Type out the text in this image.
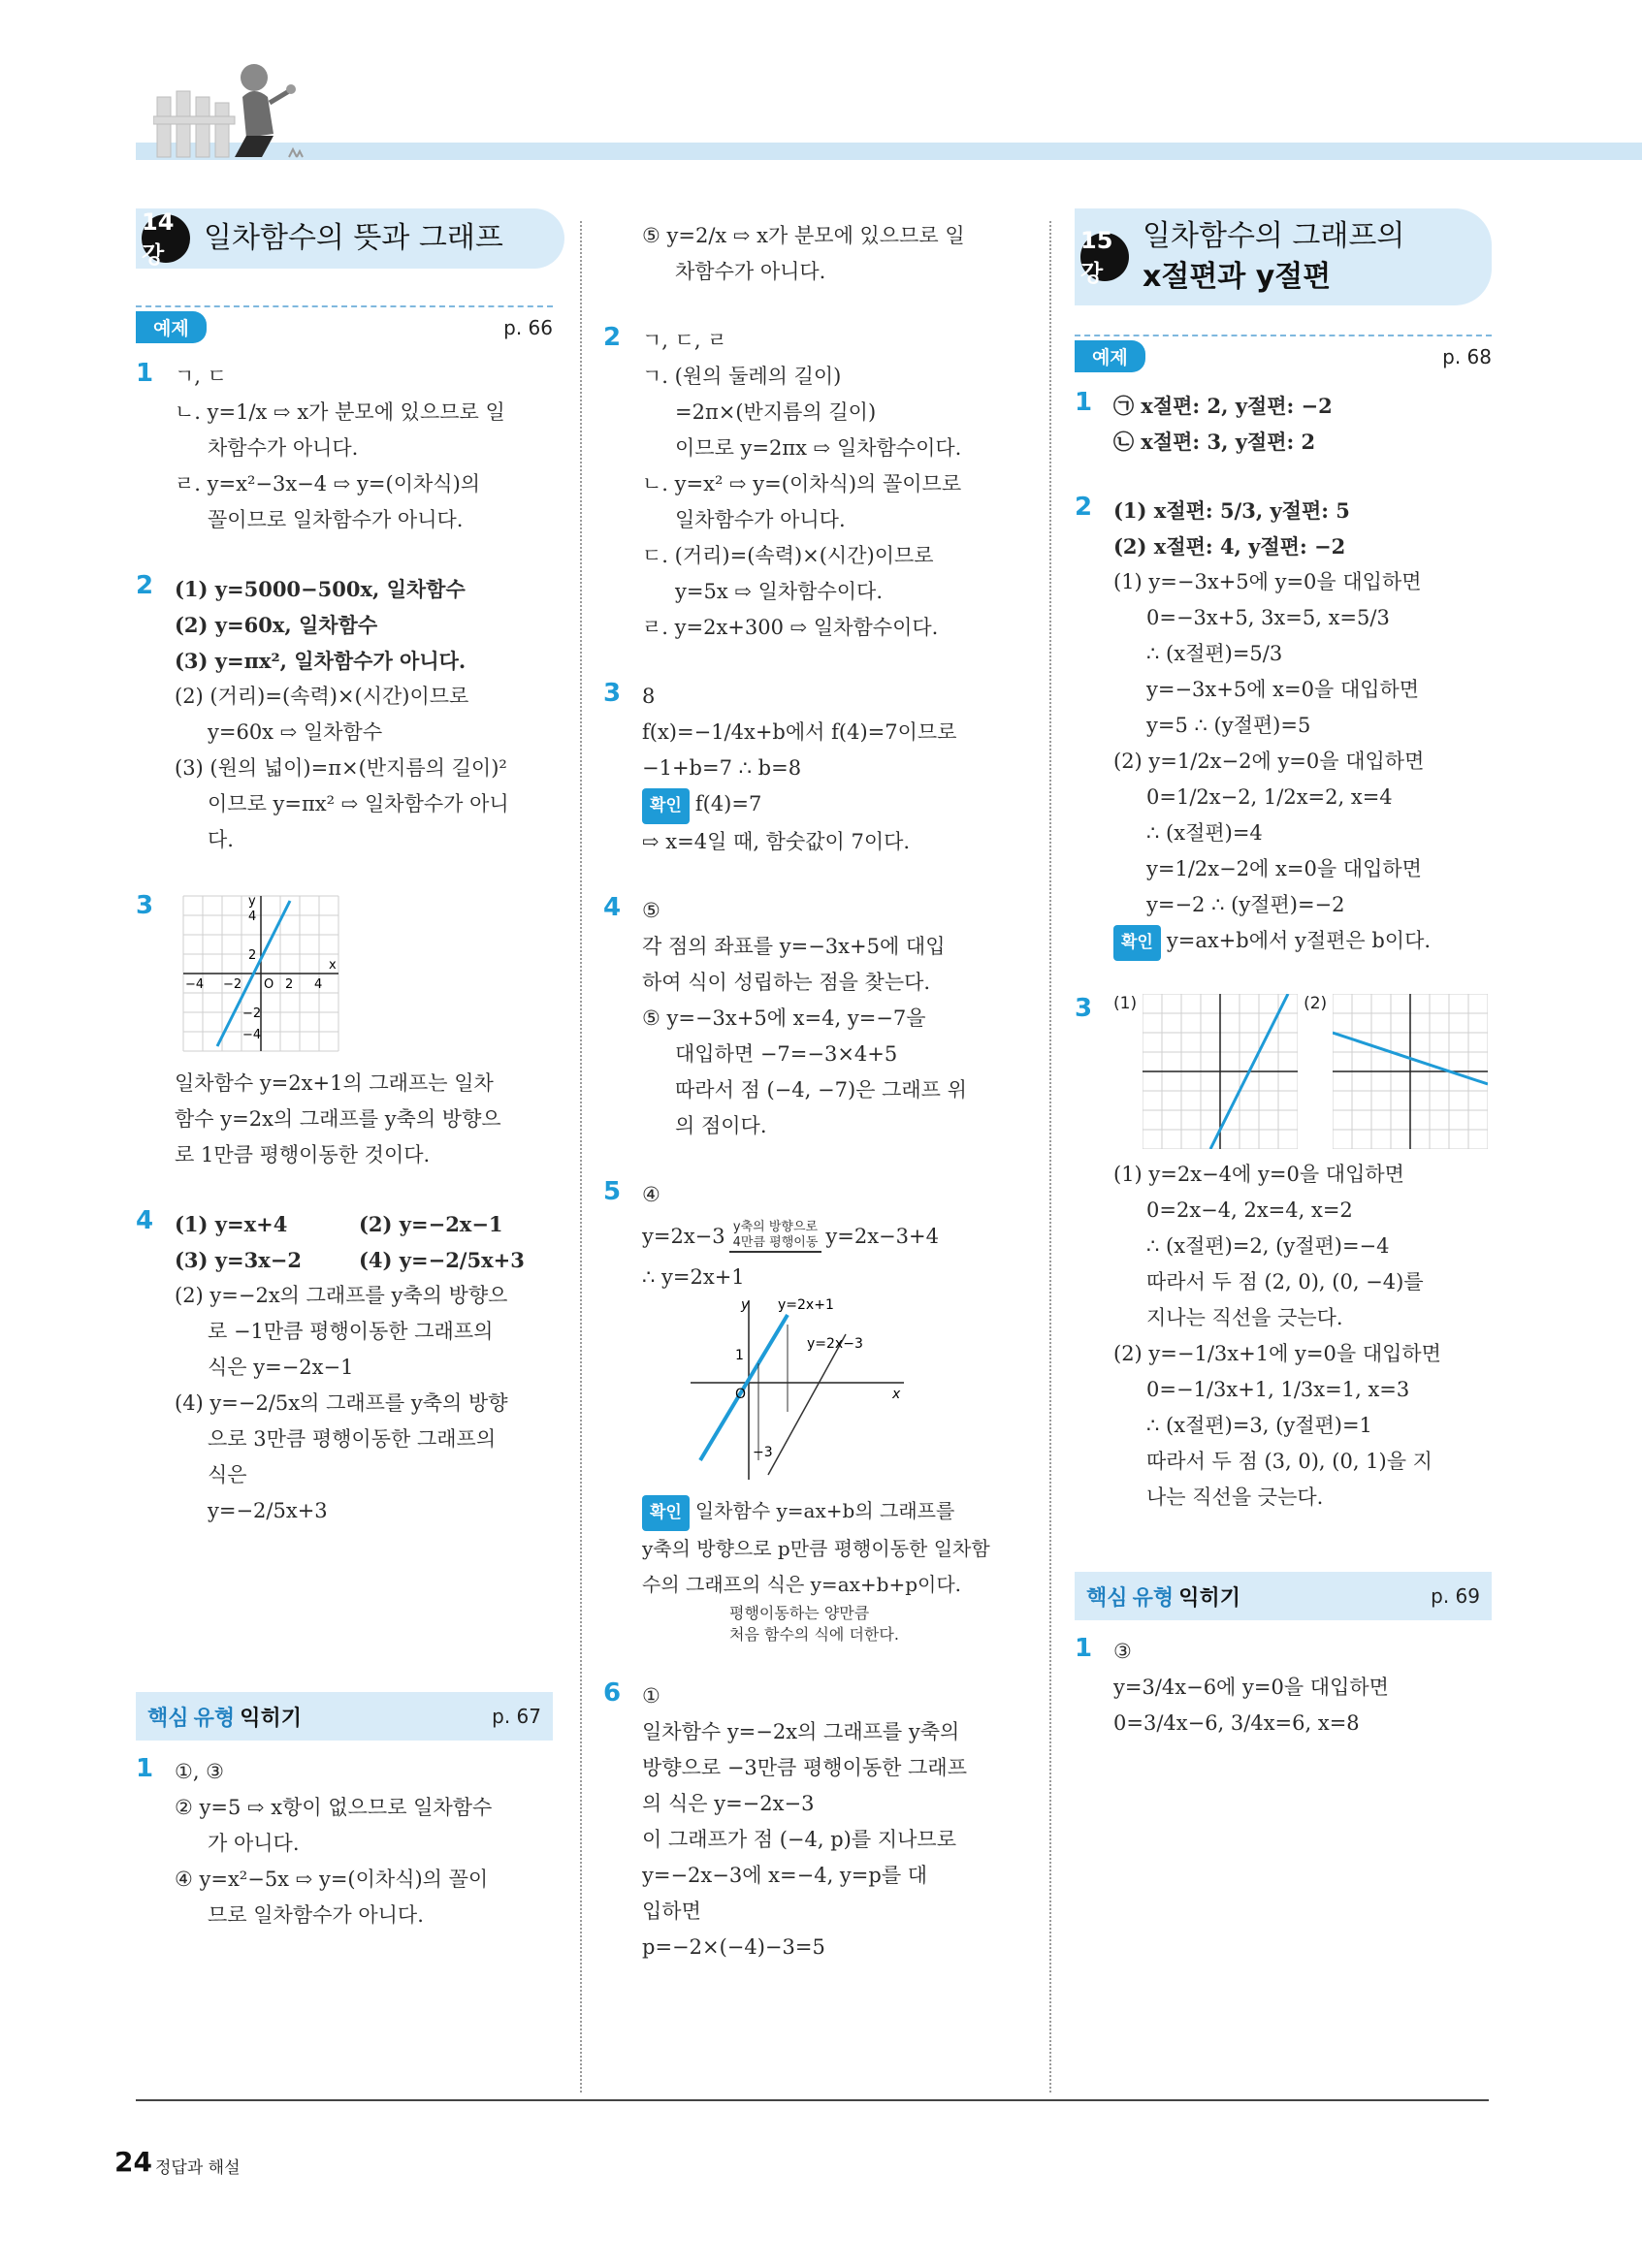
14강	일차함수의 뜻과 그래프
예제	p. 66
1	ㄱ, ㄷ
ㄴ. y=1/x ⇨ x가 분모에 있으므로 일
차함수가 아니다.
ㄹ. y=x²−3x−4 ⇨ y=(이차식)의
꼴이므로 일차함수가 아니다.
2	(1) y=5000−500x, 일차함수
(2) y=60x, 일차함수
(3) y=πx², 일차함수가 아니다.
(2) (거리)=(속력)×(시간)이므로
y=60x ⇨ 일차함수
(3) (원의 넓이)=π×(반지름의 길이)²
이므로 y=πx² ⇨ 일차함수가 아니
다.
3
−4 −2 O 2 4
x
y
4
2
−2
−4
일차함수 y=2x+1의 그래프는 일차
함수 y=2x의 그래프를 y축의 방향으
로 1만큼 평행이동한 것이다.
4	(1) y=x+4	(2) y=−2x−1
(3) y=3x−2	(4) y=−2/5x+3
(2) y=−2x의 그래프를 y축의 방향으
로 −1만큼 평행이동한 그래프의
식은 y=−2x−1
(4) y=−2/5x의 그래프를 y축의 방향
으로 3만큼 평행이동한 그래프의
식은
y=−2/5x+3
핵심 유형 익히기	p. 67
1	①, ③
② y=5 ⇨ x항이 없으므로 일차함수
가 아니다.
④ y=x²−5x ⇨ y=(이차식)의 꼴이
므로 일차함수가 아니다.
⑤ y=2/x ⇨ x가 분모에 있으므로 일
차함수가 아니다.
2	ㄱ, ㄷ, ㄹ
ㄱ. (원의 둘레의 길이)
=2π×(반지름의 길이)
이므로 y=2πx ⇨ 일차함수이다.
ㄴ. y=x² ⇨ y=(이차식)의 꼴이므로
일차함수가 아니다.
ㄷ. (거리)=(속력)×(시간)이므로
y=5x ⇨ 일차함수이다.
ㄹ. y=2x+300 ⇨ 일차함수이다.
3	8
f(x)=−1/4x+b에서 f(4)=7이므로
−1+b=7 ∴ b=8
확인 f(4)=7
⇨ x=4일 때, 함숫값이 7이다.
4	⑤
각 점의 좌표를 y=−3x+5에 대입
하여 식이 성립하는 점을 찾는다.
⑤ y=−3x+5에 x=4, y=−7을
대입하면 −7=−3×4+5
따라서 점 (−4, −7)은 그래프 위
의 점이다.
5	④
y=2x−3 y축의 방향으로
4만큼 평행이동 y=2x−3+4
∴ y=2x+1
y y=2x+1
y=2x−3
1
O	x
−3
확인 일차함수 y=ax+b의 그래프를
y축의 방향으로 p만큼 평행이동한 일차함
수의 그래프의 식은 y=ax+b+p이다.
평행이동하는 양만큼
처음 함수의 식에 더한다.
6	①
일차함수 y=−2x의 그래프를 y축의
방향으로 −3만큼 평행이동한 그래프
의 식은 y=−2x−3
이 그래프가 점 (−4, p)를 지나므로
y=−2x−3에 x=−4, y=p를 대
입하면
p=−2×(−4)−3=5
15강
일차함수의 그래프의
x절편과 y절편
예제	p. 68
1	㉠ x절편: 2, y절편: −2
㉡ x절편: 3, y절편: 2
2	(1) x절편: 5/3, y절편: 5
(2) x절편: 4, y절편: −2
(1) y=−3x+5에 y=0을 대입하면
0=−3x+5, 3x=5, x=5/3
∴ (x절편)=5/3
y=−3x+5에 x=0을 대입하면
y=5 ∴ (y절편)=5
(2) y=1/2x−2에 y=0을 대입하면
0=1/2x−2, 1/2x=2, x=4
∴ (x절편)=4
y=1/2x−2에 x=0을 대입하면
y=−2 ∴ (y절편)=−2
확인 y=ax+b에서 y절편은 b이다.
3	(1)	(2)
(1) y=2x−4에 y=0을 대입하면
0=2x−4, 2x=4, x=2
∴ (x절편)=2, (y절편)=−4
따라서 두 점 (2, 0), (0, −4)를
지나는 직선을 긋는다.
(2) y=−1/3x+1에 y=0을 대입하면
0=−1/3x+1, 1/3x=1, x=3
∴ (x절편)=3, (y절편)=1
따라서 두 점 (3, 0), (0, 1)을 지
나는 직선을 긋는다.
핵심 유형 익히기	p. 69
1	③
y=3/4x−6에 y=0을 대입하면
0=3/4x−6, 3/4x=6, x=8
24 정답과 해설
